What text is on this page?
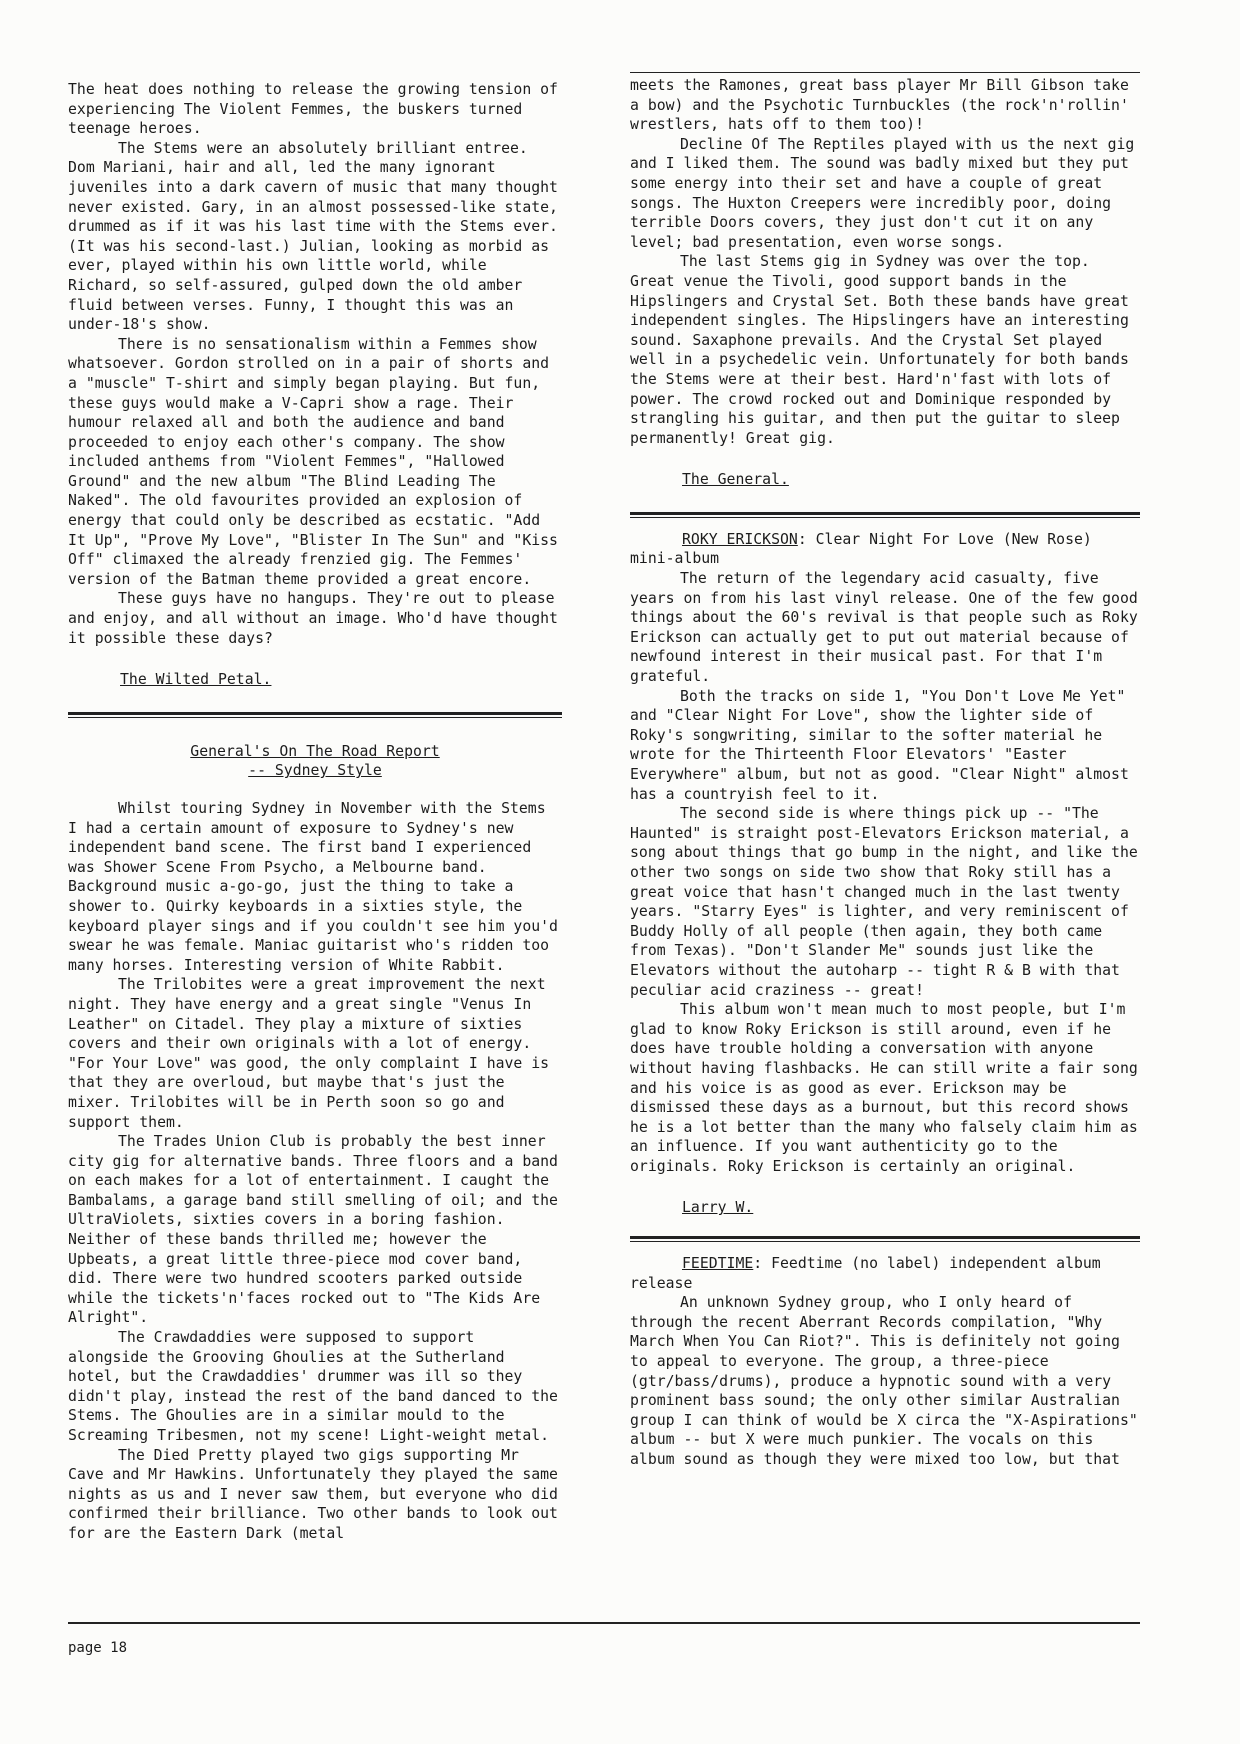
The heat does nothing to release the growing tension of experiencing The Violent Femmes, the buskers turned teenage heroes.

The Stems were an absolutely brilliant entree. Dom Mariani, hair and all, led the many ignorant juveniles into a dark cavern of music that many thought never existed. Gary, in an almost possessed-like state, drummed as if it was his last time with the Stems ever. (It was his second-last.) Julian, looking as morbid as ever, played within his own little world, while Richard, so self-assured, gulped down the old amber fluid between verses. Funny, I thought this was an under-18's show.

There is no sensationalism within a Femmes show whatsoever. Gordon strolled on in a pair of shorts and a "muscle" T-shirt and simply began playing. But fun, these guys would make a V-Capri show a rage. Their humour relaxed all and both the audience and band proceeded to enjoy each other's company. The show included anthems from "Violent Femmes", "Hallowed Ground" and the new album "The Blind Leading The Naked". The old favourites provided an explosion of energy that could only be described as ecstatic. "Add It Up", "Prove My Love", "Blister In The Sun" and "Kiss Off" climaxed the already frenzied gig. The Femmes' version of the Batman theme provided a great encore.

These guys have no hangups. They're out to please and enjoy, and all without an image. Who'd have thought it possible these days?

The Wilted Petal.
General's On The Road Report
-- Sydney Style

Whilst touring Sydney in November with the Stems I had a certain amount of exposure to Sydney's new independent band scene. The first band I experienced was Shower Scene From Psycho, a Melbourne band. Background music a-go-go, just the thing to take a shower to. Quirky keyboards in a sixties style, the keyboard player sings and if you couldn't see him you'd swear he was female. Maniac guitarist who's ridden too many horses. Interesting version of White Rabbit.

The Trilobites were a great improvement the next night. They have energy and a great single "Venus In Leather" on Citadel. They play a mixture of sixties covers and their own originals with a lot of energy. "For Your Love" was good, the only complaint I have is that they are overloud, but maybe that's just the mixer. Trilobites will be in Perth soon so go and support them.

The Trades Union Club is probably the best inner city gig for alternative bands. Three floors and a band on each makes for a lot of entertainment. I caught the Bambalams, a garage band still smelling of oil; and the UltraViolets, sixties covers in a boring fashion. Neither of these bands thrilled me; however the Upbeats, a great little three-piece mod cover band, did. There were two hundred scooters parked outside while the tickets'n'faces rocked out to "The Kids Are Alright".

The Crawdaddies were supposed to support alongside the Grooving Ghoulies at the Sutherland hotel, but the Crawdaddies' drummer was ill so they didn't play, instead the rest of the band danced to the Stems. The Ghoulies are in a similar mould to the Screaming Tribesmen, not my scene! Light-weight metal.

The Died Pretty played two gigs supporting Mr Cave and Mr Hawkins. Unfortunately they played the same nights as us and I never saw them, but everyone who did confirmed their brilliance. Two other bands to look out for are the Eastern Dark (metal

meets the Ramones, great bass player Mr Bill Gibson take a bow) and the Psychotic Turnbuckles (the rock'n'rollin' wrestlers, hats off to them too)!

Decline Of The Reptiles played with us the next gig and I liked them. The sound was badly mixed but they put some energy into their set and have a couple of great songs. The Huxton Creepers were incredibly poor, doing terrible Doors covers, they just don't cut it on any level; bad presentation, even worse songs.

The last Stems gig in Sydney was over the top. Great venue the Tivoli, good support bands in the Hipslingers and Crystal Set. Both these bands have great independent singles. The Hipslingers have an interesting sound. Saxaphone prevails. And the Crystal Set played well in a psychedelic vein. Unfortunately for both bands the Stems were at their best. Hard'n'fast with lots of power. The crowd rocked out and Dominique responded by strangling his guitar, and then put the guitar to sleep permanently! Great gig.

The General.

ROKY ERICKSON: Clear Night For Love (New Rose) mini-album

The return of the legendary acid casualty, five years on from his last vinyl release. One of the few good things about the 60's revival is that people such as Roky Erickson can actually get to put out material because of newfound interest in their musical past. For that I'm grateful.

Both the tracks on side 1, "You Don't Love Me Yet" and "Clear Night For Love", show the lighter side of Roky's songwriting, similar to the softer material he wrote for the Thirteenth Floor Elevators' "Easter Everywhere" album, but not as good. "Clear Night" almost has a countryish feel to it.

The second side is where things pick up -- "The Haunted" is straight post-Elevators Erickson material, a song about things that go bump in the night, and like the other two songs on side two show that Roky still has a great voice that hasn't changed much in the last twenty years. "Starry Eyes" is lighter, and very reminiscent of Buddy Holly of all people (then again, they both came from Texas). "Don't Slander Me" sounds just like the Elevators without the autoharp -- tight R & B with that peculiar acid craziness -- great!

This album won't mean much to most people, but I'm glad to know Roky Erickson is still around, even if he does have trouble holding a conversation with anyone without having flashbacks. He can still write a fair song and his voice is as good as ever. Erickson may be dismissed these days as a burnout, but this record shows he is a lot better than the many who falsely claim him as an influence. If you want authenticity go to the originals. Roky Erickson is certainly an original.

Larry W.

FEEDTIME: Feedtime (no label) independent album release

An unknown Sydney group, who I only heard of through the recent Aberrant Records compilation, "Why March When You Can Riot?". This is definitely not going to appeal to everyone. The group, a three-piece (gtr/bass/drums), produce a hypnotic sound with a very prominent bass sound; the only other similar Australian group I can think of would be X circa the "X-Aspirations" album -- but X were much punkier. The vocals on this album sound as though they were mixed too low, but that

page 18
